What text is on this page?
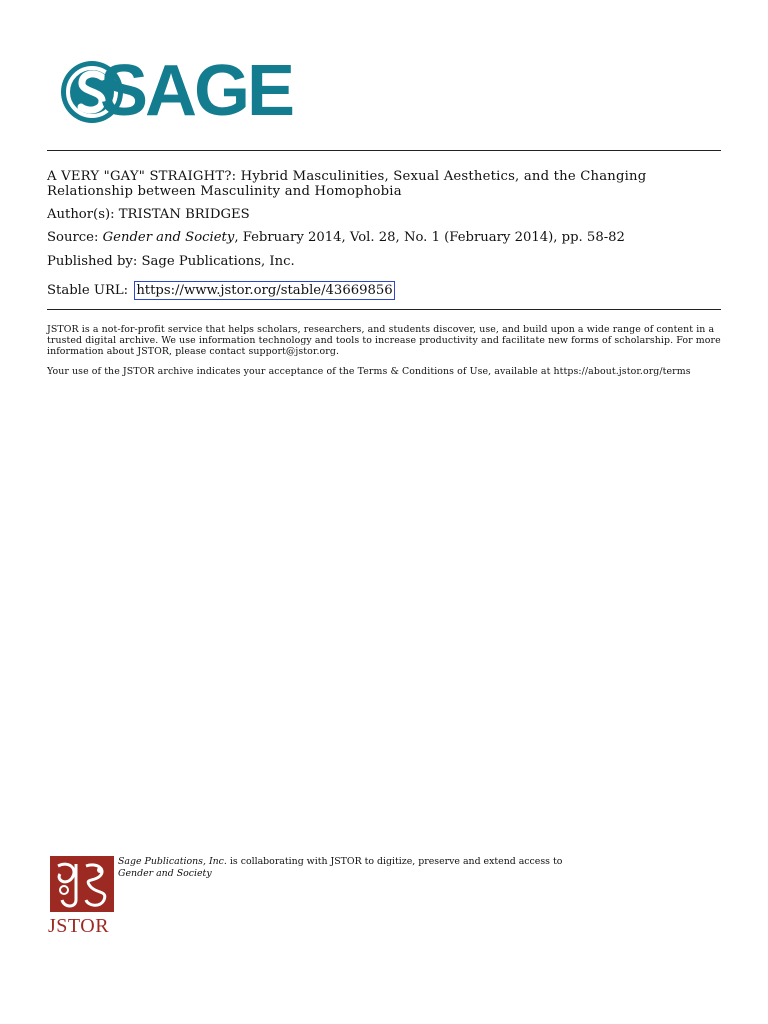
SAGE
A VERY "GAY" STRAIGHT?: Hybrid Masculinities, Sexual Aesthetics, and the Changing Relationship between Masculinity and Homophobia
Author(s): TRISTAN BRIDGES
Source: Gender and Society, February 2014, Vol. 28, No. 1 (February 2014), pp. 58-82
Published by: Sage Publications, Inc.
Stable URL: https://www.jstor.org/stable/43669856

JSTOR is a not-for-profit service that helps scholars, researchers, and students discover, use, and build upon a wide range of content in a trusted digital archive. We use information technology and tools to increase productivity and facilitate new forms of scholarship. For more information about JSTOR, please contact support@jstor.org.

Your use of the JSTOR archive indicates your acceptance of the Terms & Conditions of Use, available at https://about.jstor.org/terms

JSTOR
Sage Publications, Inc. is collaborating with JSTOR to digitize, preserve and extend access to
Gender and Society
